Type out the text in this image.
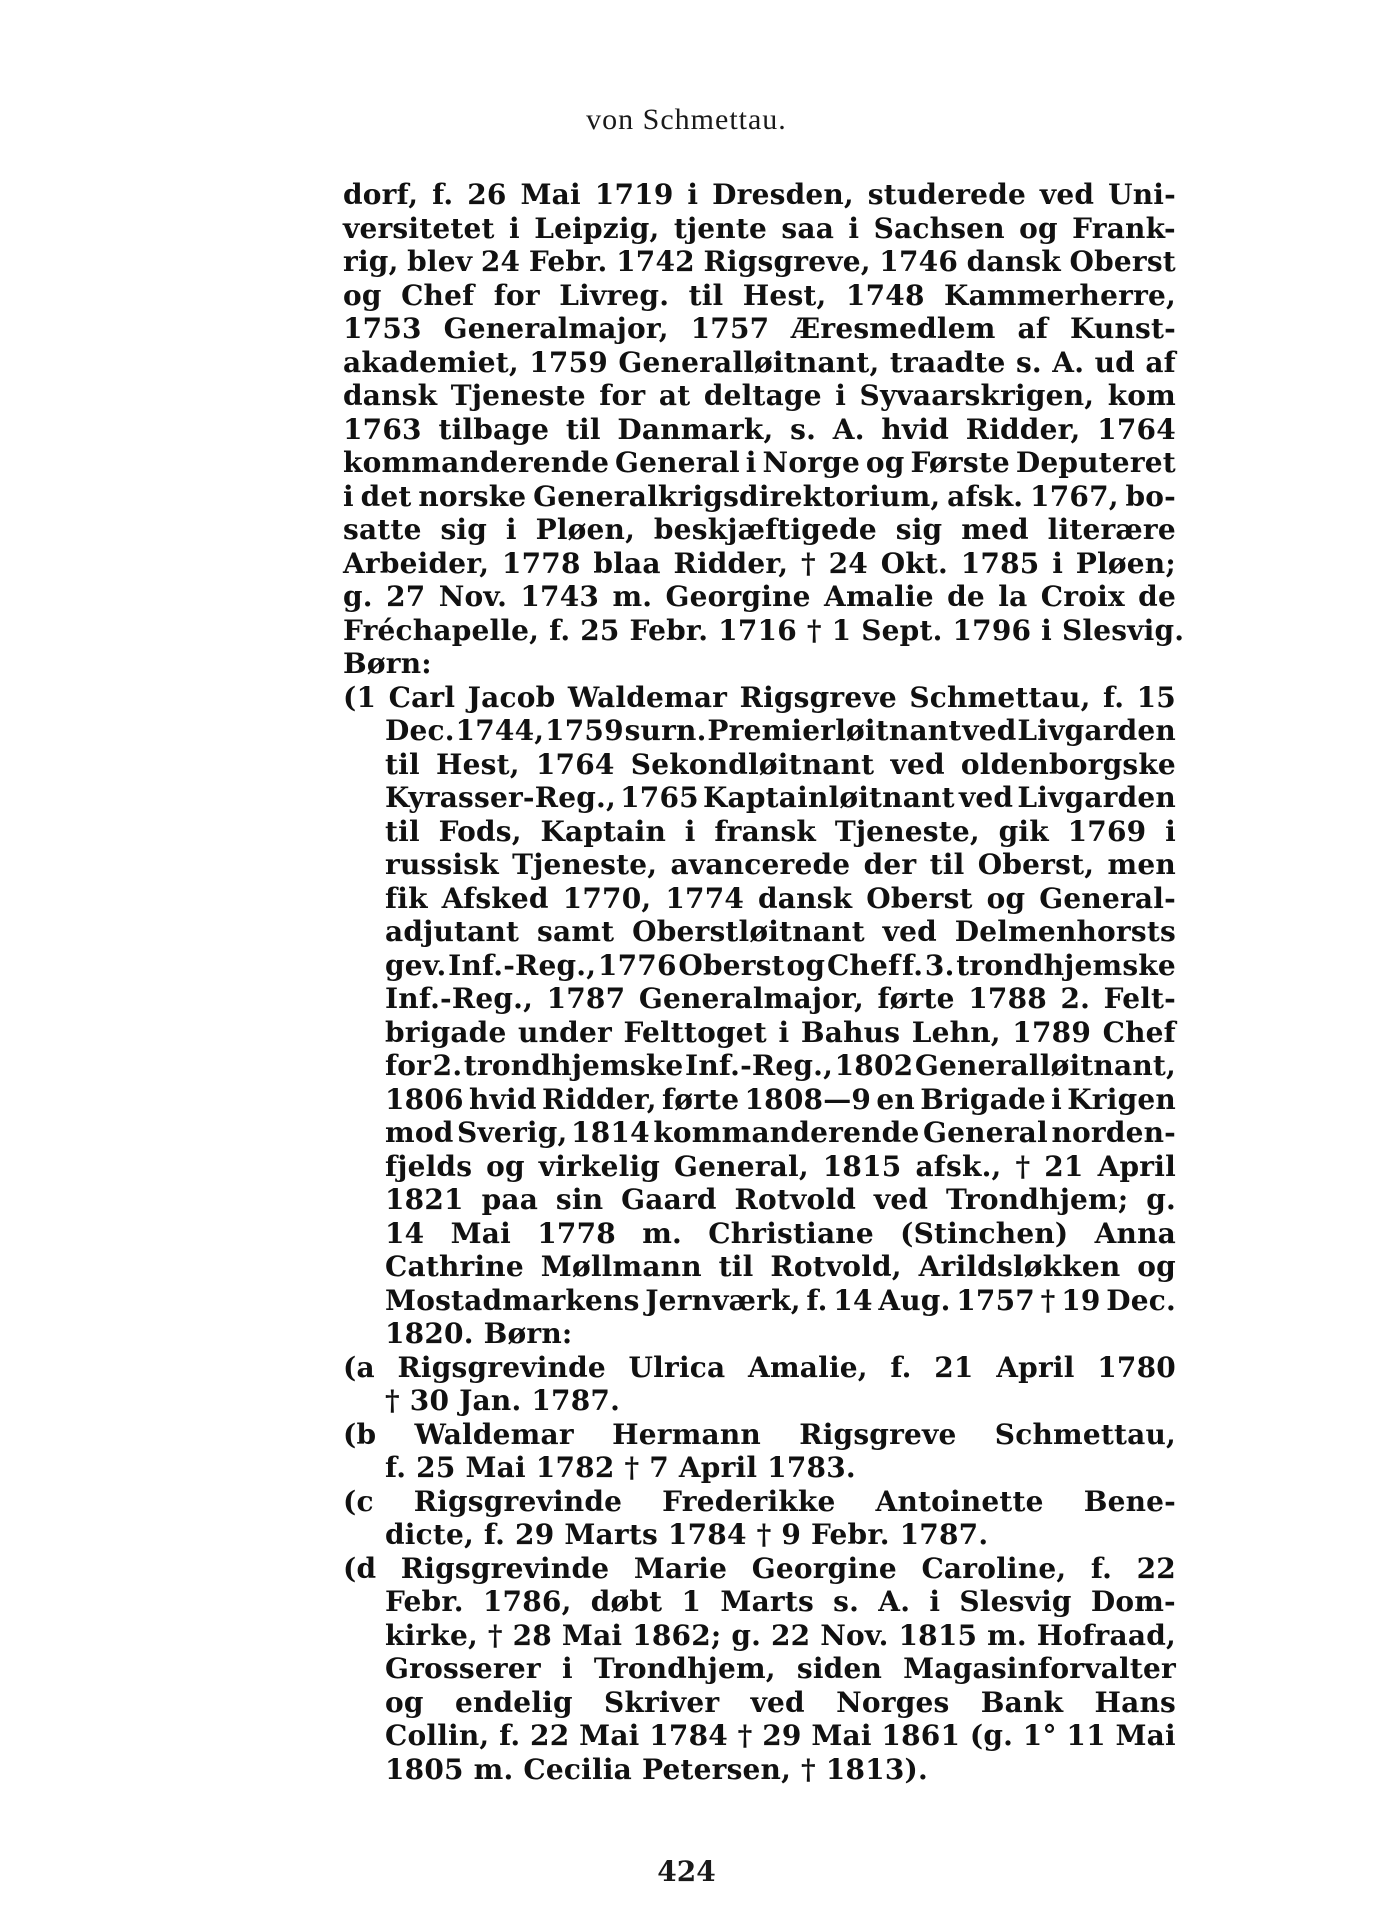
von Schmettau.
dorf, f. 26 Mai 1719 i Dresden, studerede ved Uni-
versitetet i Leipzig, tjente saa i Sachsen og Frank-
rig, blev 24 Febr. 1742 Rigsgreve, 1746 dansk Oberst
og Chef for Livreg. til Hest, 1748 Kammerherre,
1753 Generalmajor, 1757 Æresmedlem af Kunst-
akademiet, 1759 Generalløitnant, traadte s. A. ud af
dansk Tjeneste for at deltage i Syvaarskrigen, kom
1763 tilbage til Danmark, s. A. hvid Ridder, 1764
kommanderende General i Norge og Første Deputeret
i det norske Generalkrigsdirektorium, afsk. 1767, bo-
satte sig i Pløen, beskjæftigede sig med literære
Arbeider, 1778 blaa Ridder, † 24 Okt. 1785 i Pløen;
g. 27 Nov. 1743 m. Georgine Amalie de la Croix de
Fréchapelle, f. 25 Febr. 1716 † 1 Sept. 1796 i Slesvig.
Børn:
(1 Carl Jacob Waldemar Rigsgreve Schmettau, f. 15
Dec. 1744, 1759 surn. Premierløitnant ved Livgarden
til Hest, 1764 Sekondløitnant ved oldenborgske
Kyrasser-Reg., 1765 Kaptainløitnant ved Livgarden
til Fods, Kaptain i fransk Tjeneste, gik 1769 i
russisk Tjeneste, avancerede der til Oberst, men
fik Afsked 1770, 1774 dansk Oberst og General-
adjutant samt Oberstløitnant ved Delmenhorsts
gev. Inf.-Reg., 1776 Oberst og Chef f. 3. trondhjemske
Inf.-Reg., 1787 Generalmajor, førte 1788 2. Felt-
brigade under Felttoget i Bahus Lehn, 1789 Chef
for 2. trondhjemske Inf.-Reg., 1802 Generalløitnant,
1806 hvid Ridder, førte 1808—9 en Brigade i Krigen
mod Sverig, 1814 kommanderende General norden-
fjelds og virkelig General, 1815 afsk., † 21 April
1821 paa sin Gaard Rotvold ved Trondhjem; g.
14 Mai 1778 m. Christiane (Stinchen) Anna
Cathrine Møllmann til Rotvold, Arildsløkken og
Mostadmarkens Jernværk, f. 14 Aug. 1757 † 19 Dec.
1820. Børn:
(a Rigsgrevinde Ulrica Amalie, f. 21 April 1780
† 30 Jan. 1787.
(b Waldemar Hermann Rigsgreve Schmettau,
f. 25 Mai 1782 † 7 April 1783.
(c Rigsgrevinde Frederikke Antoinette Bene-
dicte, f. 29 Marts 1784 † 9 Febr. 1787.
(d Rigsgrevinde Marie Georgine Caroline, f. 22
Febr. 1786, døbt 1 Marts s. A. i Slesvig Dom-
kirke, † 28 Mai 1862; g. 22 Nov. 1815 m. Hofraad,
Grosserer i Trondhjem, siden Magasinforvalter
og endelig Skriver ved Norges Bank Hans
Collin, f. 22 Mai 1784 † 29 Mai 1861 (g. 1° 11 Mai
1805 m. Cecilia Petersen, † 1813).
424
